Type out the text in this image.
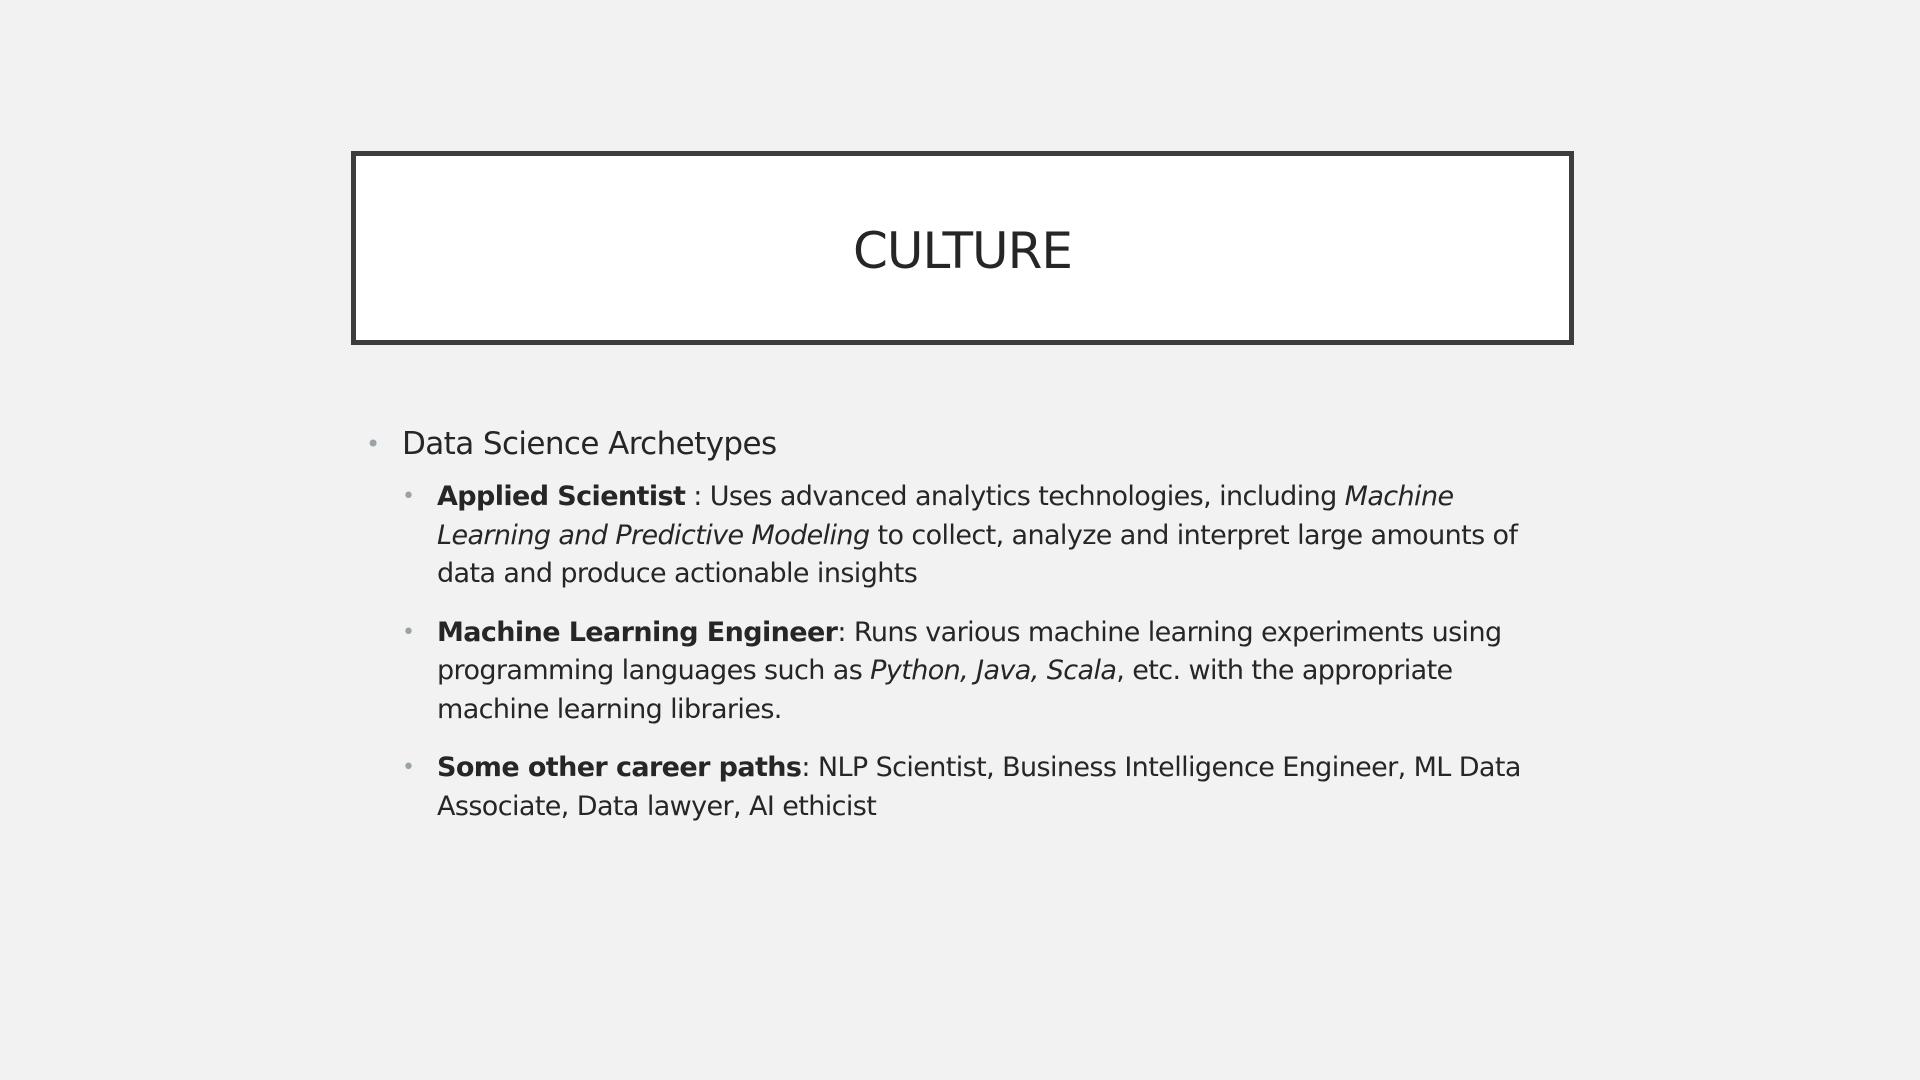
CULTURE
• Data Science Archetypes
• Applied Scientist : Uses advanced analytics technologies, including Machine Learning and Predictive Modeling to collect, analyze and interpret large amounts of data and produce actionable insights
• Machine Learning Engineer: Runs various machine learning experiments using programming languages such as Python, Java, Scala, etc. with the appropriate machine learning libraries.
• Some other career paths: NLP Scientist, Business Intelligence Engineer, ML Data Associate, Data lawyer, AI ethicist
